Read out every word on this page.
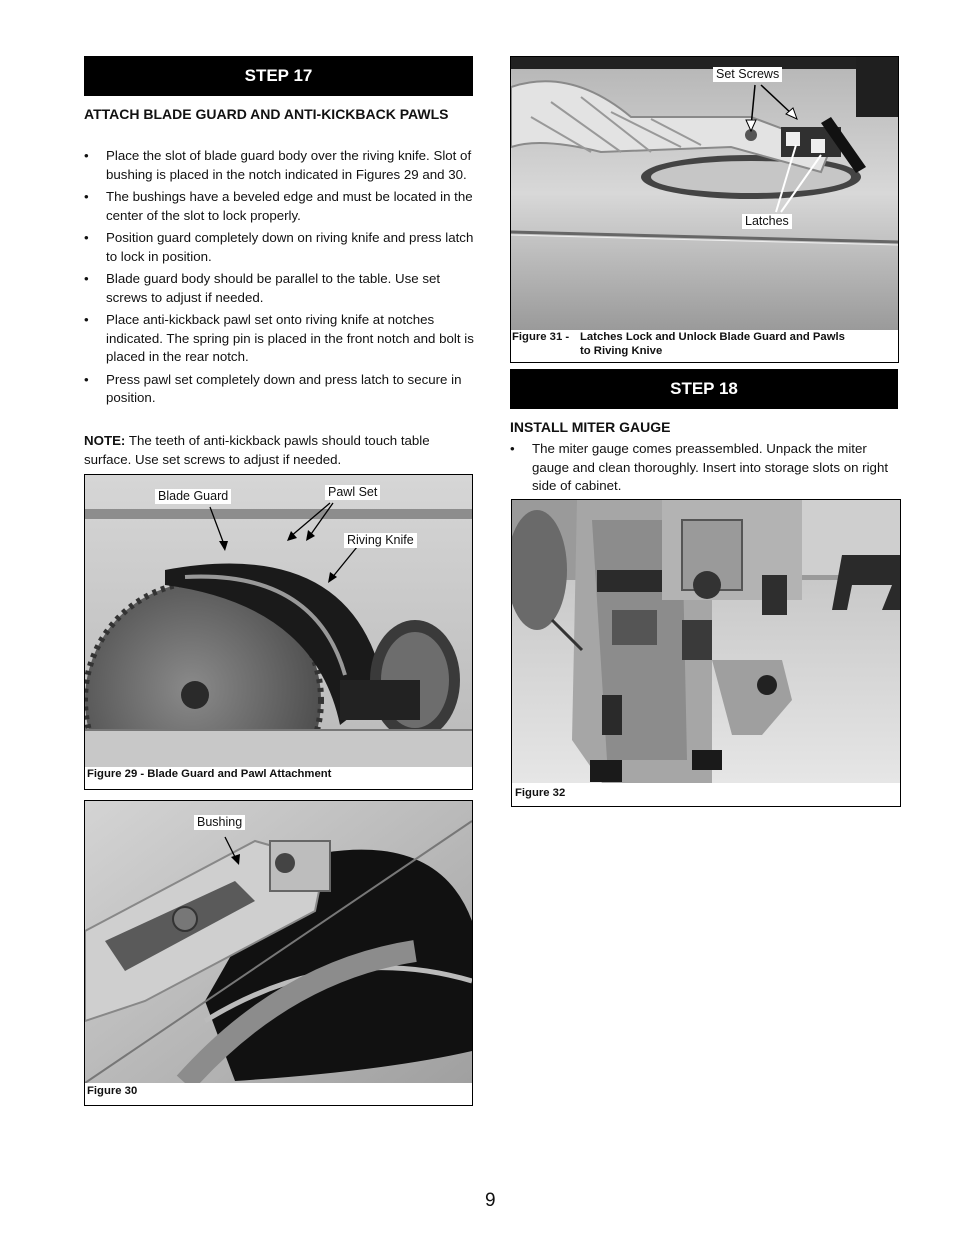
STEP 17
ATTACH BLADE GUARD AND ANTI-KICKBACK PAWLS
• Place the slot of blade guard body over the riving knife. Slot of bushing is placed in the notch indicated in Figures 29 and 30.
• The bushings have a beveled edge and must be located in the center of the slot to lock properly.
• Position guard completely down on riving knife and press latch to lock in position.
• Blade guard body should be parallel to the table. Use set screws to adjust if needed.
• Place anti-kickback pawl set onto riving knife at notches indicated. The spring pin is placed in the front notch and bolt is placed in the rear notch.
• Press pawl set completely down and press latch to secure in position.
NOTE: The teeth of anti-kickback pawls should touch table surface. Use set screws to adjust if needed.
Blade Guard	Pawl Set
Riving Knife
Figure 29 - Blade Guard and Pawl Attachment
Bushing
Figure 30
Set Screws
Latches
Figure 31 - Latches Lock and Unlock Blade Guard and Pawls
to Riving Knive
STEP 18
INSTALL MITER GAUGE
• The miter gauge comes preassembled. Unpack the miter gauge and clean thoroughly. Insert into storage slots on right side of cabinet.
Figure 32
9
